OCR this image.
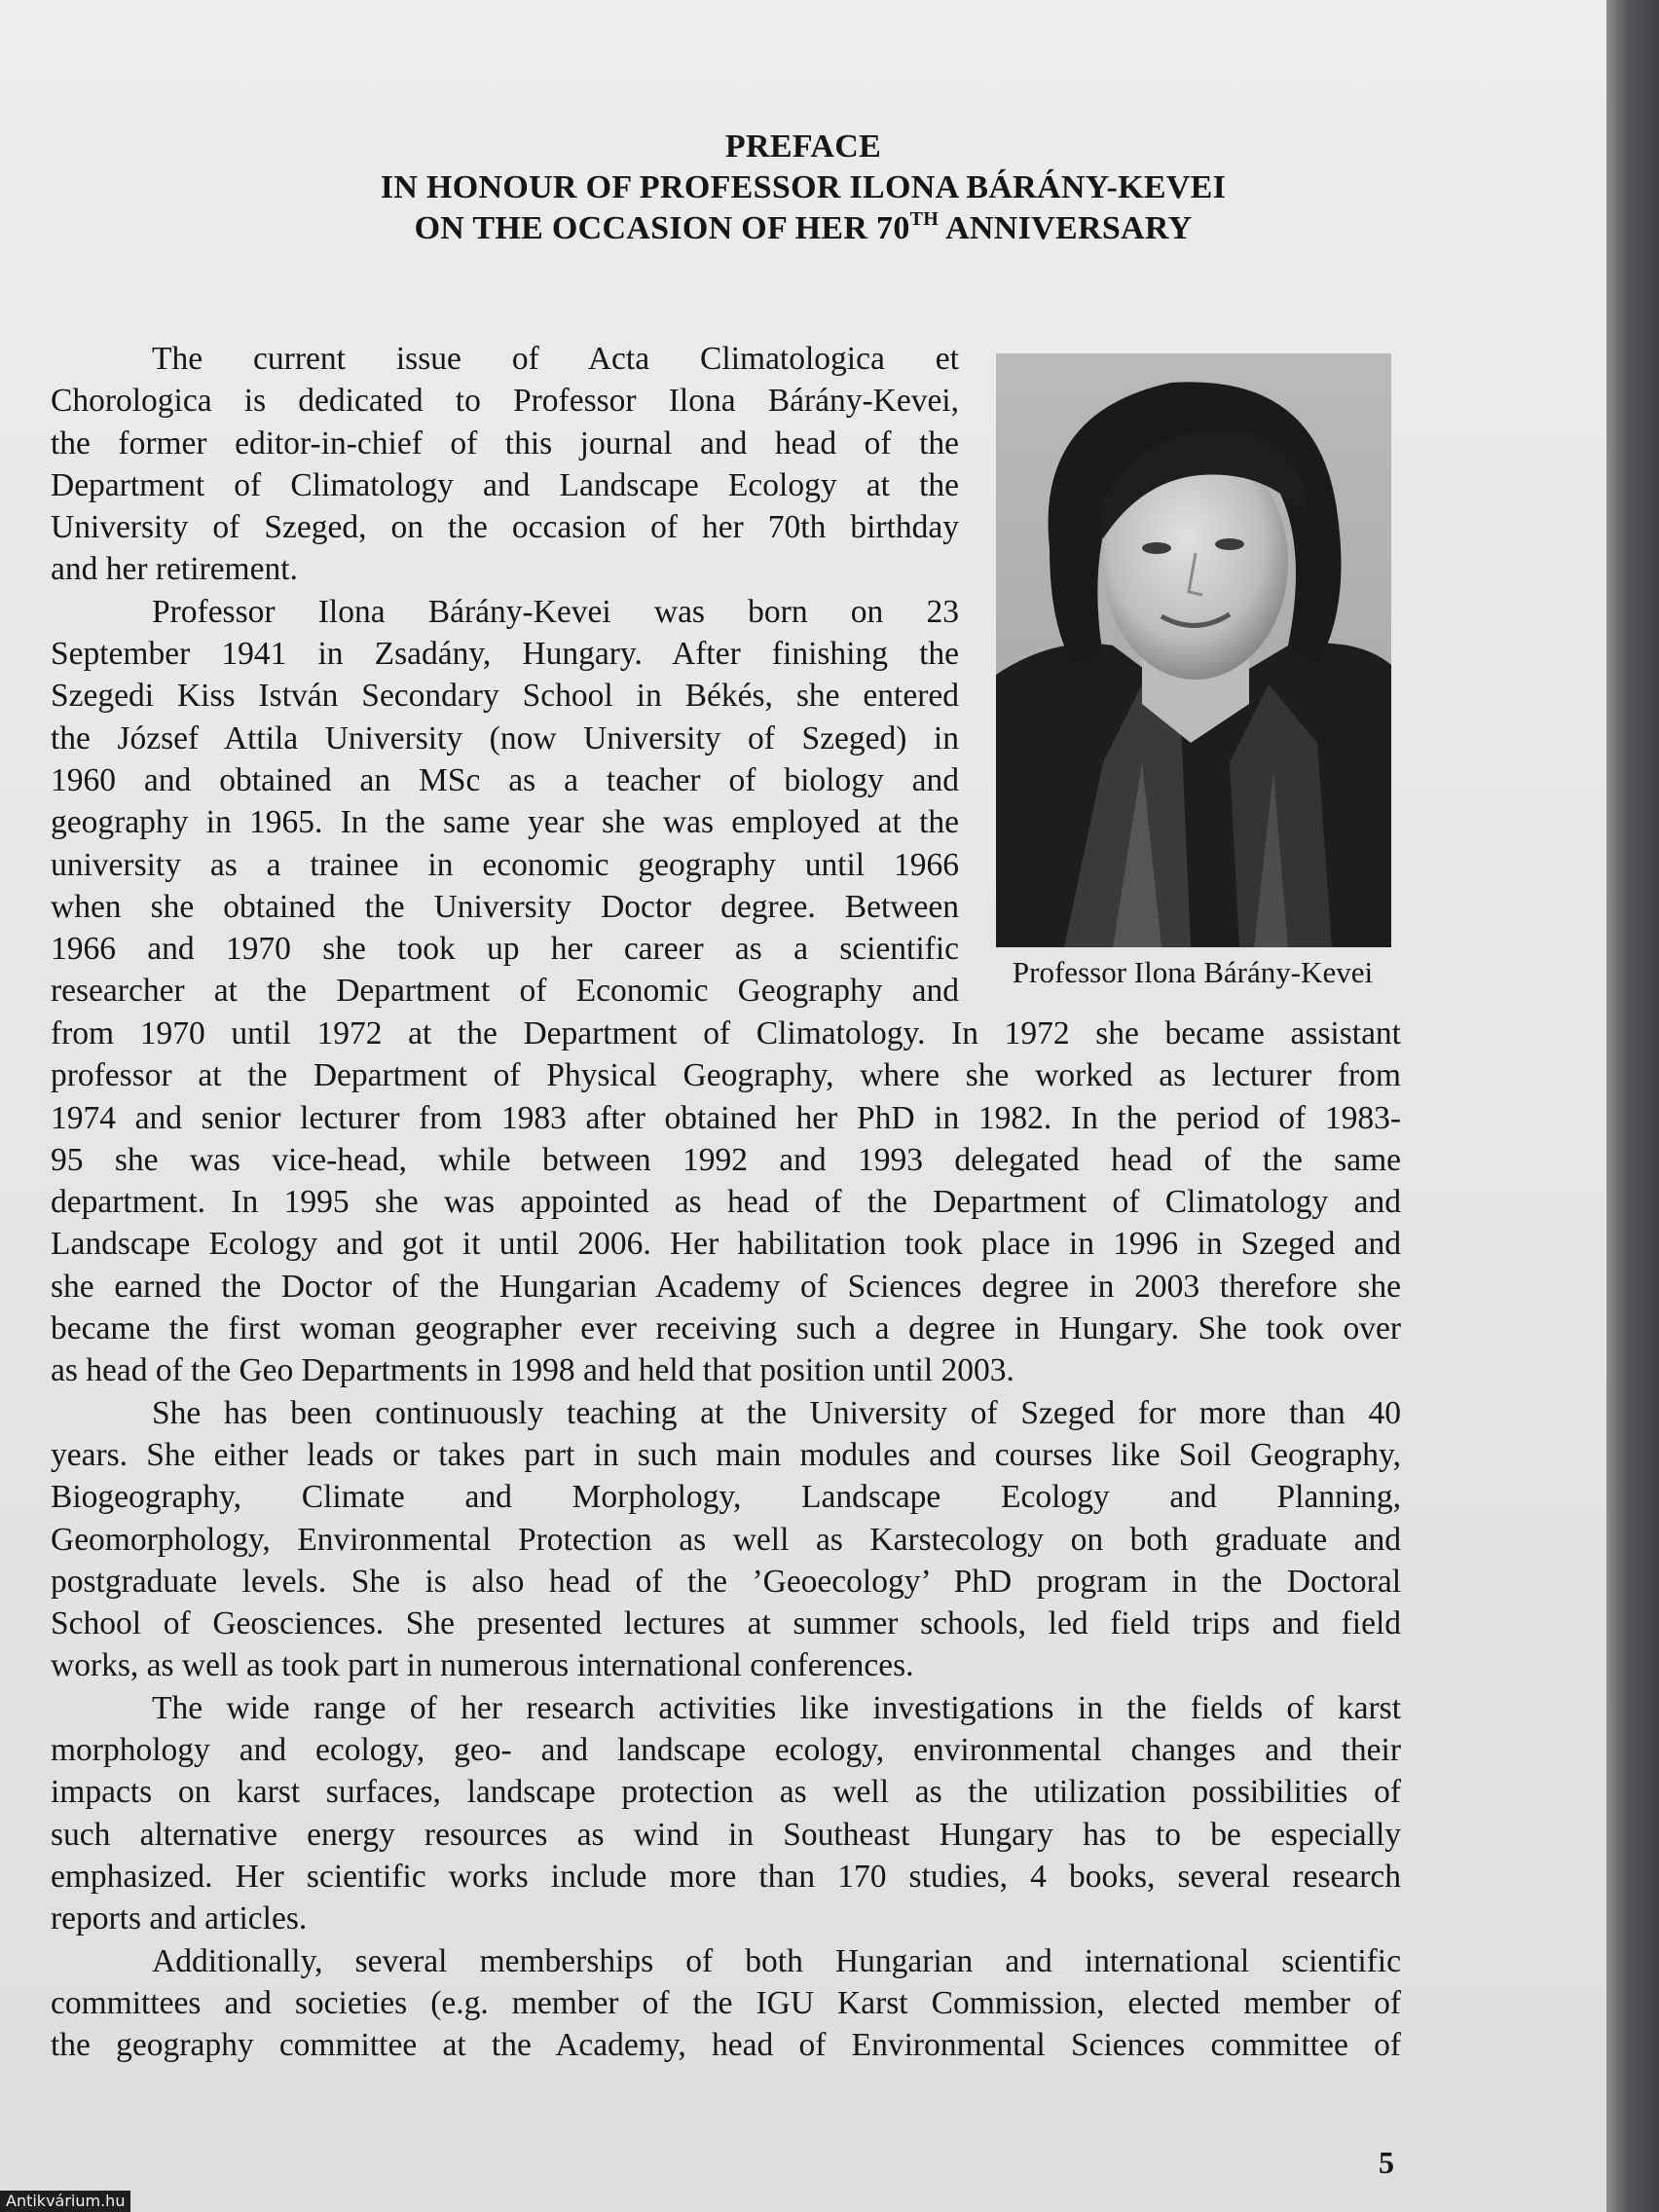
PREFACE
IN HONOUR OF PROFESSOR ILONA BÁRÁNY-KEVEI
ON THE OCCASION OF HER 70TH ANNIVERSARY
Professor Ilona Bárány-Kevei
The current issue of Acta Climatologica et
Chorologica is dedicated to Professor Ilona Bárány-Kevei,
the former editor-in-chief of this journal and head of the
Department of Climatology and Landscape Ecology at the
University of Szeged, on the occasion of her 70th birthday
and her retirement.
Professor Ilona Bárány-Kevei was born on 23
September 1941 in Zsadány, Hungary. After finishing the
Szegedi Kiss István Secondary School in Békés, she entered
the József Attila University (now University of Szeged) in
1960 and obtained an MSc as a teacher of biology and
geography in 1965. In the same year she was employed at the
university as a trainee in economic geography until 1966
when she obtained the University Doctor degree. Between
1966 and 1970 she took up her career as a scientific
researcher at the Department of Economic Geography and
from 1970 until 1972 at the Department of Climatology. In 1972 she became assistant
professor at the Department of Physical Geography, where she worked as lecturer from
1974 and senior lecturer from 1983 after obtained her PhD in 1982. In the period of 1983-
95 she was vice-head, while between 1992 and 1993 delegated head of the same
department. In 1995 she was appointed as head of the Department of Climatology and
Landscape Ecology and got it until 2006. Her habilitation took place in 1996 in Szeged and
she earned the Doctor of the Hungarian Academy of Sciences degree in 2003 therefore she
became the first woman geographer ever receiving such a degree in Hungary. She took over
as head of the Geo Departments in 1998 and held that position until 2003.
She has been continuously teaching at the University of Szeged for more than 40
years. She either leads or takes part in such main modules and courses like Soil Geography,
Biogeography, Climate and Morphology, Landscape Ecology and Planning,
Geomorphology, Environmental Protection as well as Karstecology on both graduate and
postgraduate levels. She is also head of the ’Geoecology’ PhD program in the Doctoral
School of Geosciences. She presented lectures at summer schools, led field trips and field
works, as well as took part in numerous international conferences.
The wide range of her research activities like investigations in the fields of karst
morphology and ecology, geo- and landscape ecology, environmental changes and their
impacts on karst surfaces, landscape protection as well as the utilization possibilities of
such alternative energy resources as wind in Southeast Hungary has to be especially
emphasized. Her scientific works include more than 170 studies, 4 books, several research
reports and articles.
Additionally, several memberships of both Hungarian and international scientific
committees and societies (e.g. member of the IGU Karst Commission, elected member of
the geography committee at the Academy, head of Environmental Sciences committee of
5
Antikvárium.hu
